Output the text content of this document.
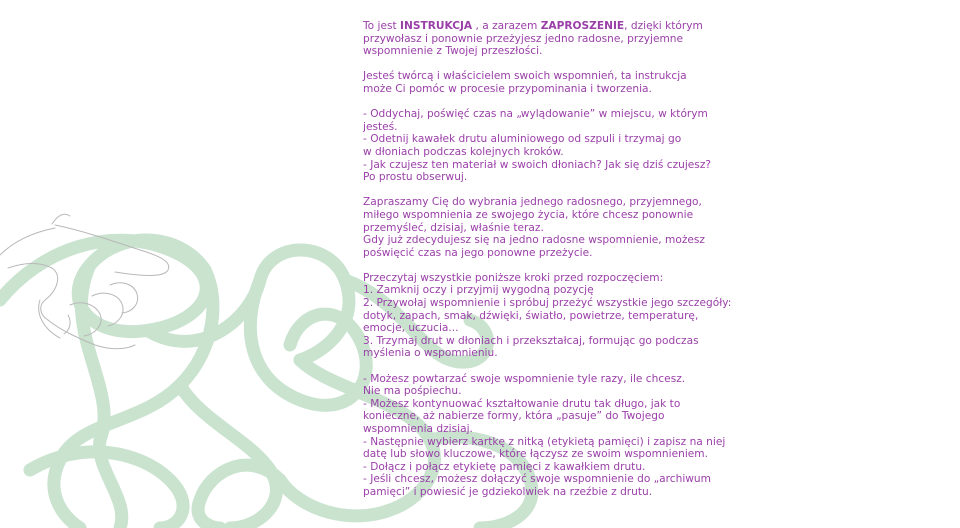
To jest INSTRUKCJA , a zarazem ZAPROSZENIE, dzięki którym
przywołasz i ponownie przeżyjesz jedno radosne, przyjemne
wspomnienie z Twojej przeszłości.

Jesteś twórcą i właścicielem swoich wspomnień, ta instrukcja
może Ci pomóc w procesie przypominania i tworzenia.

- Oddychaj, poświęć czas na „wylądowanie” w miejscu, w którym
jesteś.
- Odetnij kawałek drutu aluminiowego od szpuli i trzymaj go
w dłoniach podczas kolejnych kroków.
- Jak czujesz ten materiał w swoich dłoniach? Jak się dziś czujesz?
Po prostu obserwuj.

Zapraszamy Cię do wybrania jednego radosnego, przyjemnego,
miłego wspomnienia ze swojego życia, które chcesz ponownie
przemyśleć, dzisiaj, właśnie teraz.
Gdy już zdecydujesz się na jedno radosne wspomnienie, możesz
poświęcić czas na jego ponowne przeżycie.

Przeczytaj wszystkie poniższe kroki przed rozpoczęciem:
1. Zamknij oczy i przyjmij wygodną pozycję
2. Przywołaj wspomnienie i spróbuj przeżyć wszystkie jego szczegóły:
dotyk, zapach, smak, dźwięki, światło, powietrze, temperaturę,
emocje, uczucia...
3. Trzymaj drut w dłoniach i przekształcaj, formując go podczas
myślenia o wspomnieniu.

- Możesz powtarzać swoje wspomnienie tyle razy, ile chcesz.
Nie ma pośpiechu.
- Możesz kontynuować kształtowanie drutu tak długo, jak to
konieczne, aż nabierze formy, która „pasuje” do Twojego
wspomnienia dzisiaj.
- Następnie wybierz kartkę z nitką (etykietą pamięci) i zapisz na niej
datę lub słowo kluczowe, które łączysz ze swoim wspomnieniem.
- Dołącz i połącz etykietę pamięci z kawałkiem drutu.
- Jeśli chcesz, możesz dołączyć swoje wspomnienie do „archiwum
pamięci” i powiesić je gdziekolwiek na rzeźbie z drutu.
